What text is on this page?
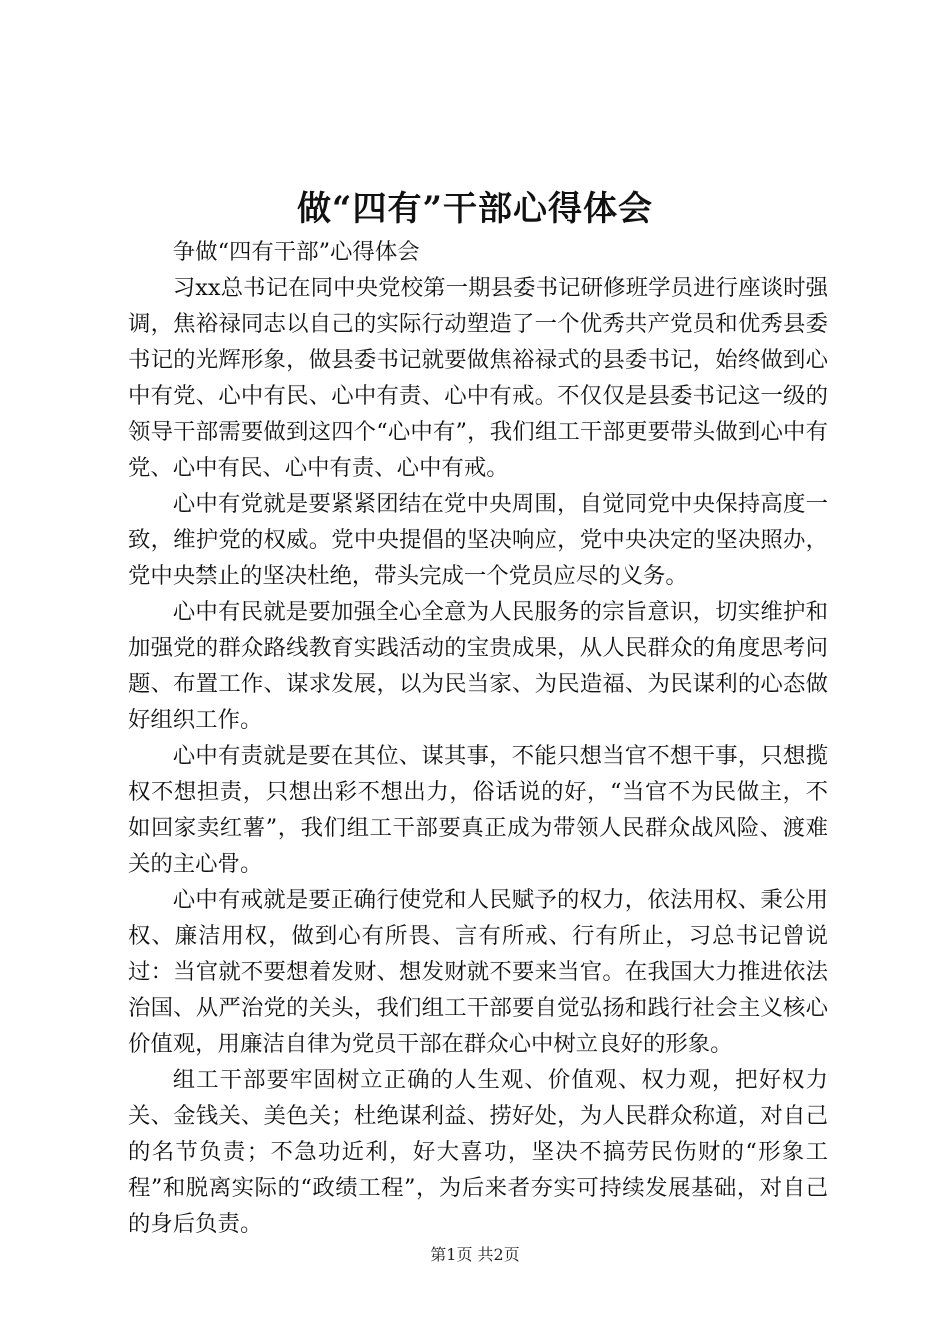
做“四有”干部心得体会

争做“四有干部”心得体会

习xx总书记在同中央党校第一期县委书记研修班学员进行座谈时强调，焦裕禄同志以自己的实际行动塑造了一个优秀共产党员和优秀县委书记的光辉形象，做县委书记就要做焦裕禄式的县委书记，始终做到心中有党、心中有民、心中有责、心中有戒。不仅仅是县委书记这一级的领导干部需要做到这四个“心中有”，我们组工干部更要带头做到心中有党、心中有民、心中有责、心中有戒。

心中有党就是要紧紧团结在党中央周围，自觉同党中央保持高度一致，维护党的权威。党中央提倡的坚决响应，党中央决定的坚决照办，党中央禁止的坚决杜绝，带头完成一个党员应尽的义务。

心中有民就是要加强全心全意为人民服务的宗旨意识，切实维护和加强党的群众路线教育实践活动的宝贵成果，从人民群众的角度思考问题、布置工作、谋求发展，以为民当家、为民造福、为民谋利的心态做好组织工作。

心中有责就是要在其位、谋其事，不能只想当官不想干事，只想揽权不想担责，只想出彩不想出力，俗话说的好，“当官不为民做主，不如回家卖红薯”，我们组工干部要真正成为带领人民群众战风险、渡难关的主心骨。

心中有戒就是要正确行使党和人民赋予的权力，依法用权、秉公用权、廉洁用权，做到心有所畏、言有所戒、行有所止，习总书记曾说过：当官就不要想着发财、想发财就不要来当官。在我国大力推进依法治国、从严治党的关头，我们组工干部要自觉弘扬和践行社会主义核心价值观，用廉洁自律为党员干部在群众心中树立良好的形象。

组工干部要牢固树立正确的人生观、价值观、权力观，把好权力关、金钱关、美色关；杜绝谋利益、捞好处，为人民群众称道，对自己的名节负责；不急功近利，好大喜功，坚决不搞劳民伤财的“形象工程”和脱离实际的“政绩工程”，为后来者夯实可持续发展基础，对自己的身后负责。

第1页 共2页
